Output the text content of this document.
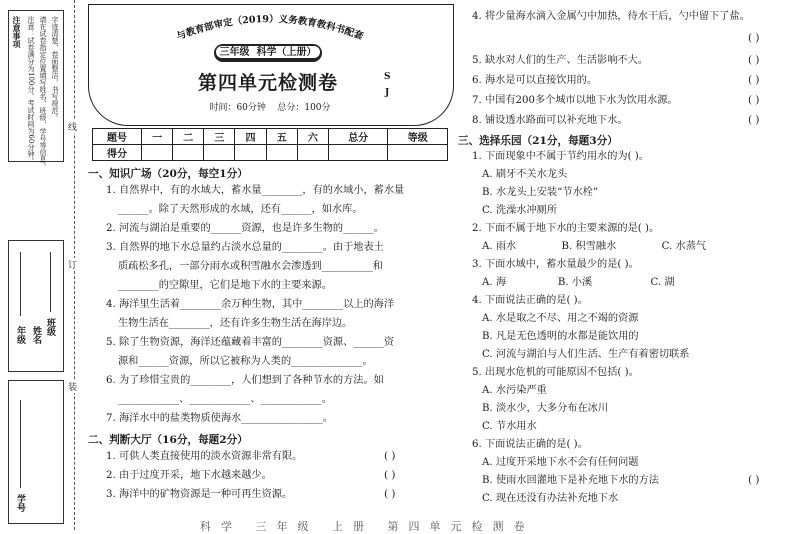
注意事项 注意：试卷满分为100分。考试时间为60分钟。 请在试卷指定位置填写姓名、班级、学号等信息。 字迹清楚，卷面整洁，书写规范。
年级 姓名 班级
学号
线
订
装
与教育部审定（2019）义务教育教科书配套
三年级  科学（上册）
第四单元检测卷	S
J
时间：60分钟    总分：100分
题号	一	二	三	四	五	六	总分	等级
得分								
一、知识广场（20分，每空1分）
1. 自然界中，有的水域大，蓄水量________，有的水域小，蓄水量
______。除了天然形成的水域，还有______，如水库。
2. 河流与湖泊是重要的______资源，也是许多生物的______。
3. 自然界的地下水总量约占淡水总量的________。由于地表土
质疏松多孔，一部分雨水或积雪融水会渗透到__________和
________的空隙里，它们是地下水的主要来源。
4. 海洋里生活着________余万种生物，其中________以上的海洋
生物生活在________，还有许多生物生活在海岸边。
5. 除了生物资源，海洋还蕴藏着丰富的________资源、______资
源和______资源，所以它被称为人类的______________。
6. 为了珍惜宝贵的________，人们想到了各种节水的方法。如
____________、____________、____________。
7. 海洋水中的盐类物质使海水________________。
二、判断大厅（16分，每题2分）
1. 可供人类直接使用的淡水资源非常有限。	( )
2. 由于过度开采，地下水越来越少。	( )
3. 海洋中的矿物资源是一种可再生资源。	( )
4. 将少量海水滴入金属勺中加热，待水干后，勺中留下了盐。
( )
5. 缺水对人们的生产、生活影响不大。	( )
6. 海水是可以直接饮用的。	( )
7. 中国有200多个城市以地下水为饮用水源。	( )
8. 铺设透水路面可以补充地下水。	( )
三、选择乐园（21分，每题3分）
1. 下面现象中不属于节约用水的为( )。
A. 刷牙不关水龙头
B. 水龙头上安装“节水栓”
C. 洗澡水冲厕所
2. 下面不属于地下水的主要来源的是( )。
A. 雨水              B. 积雪融水              C. 水蒸气
3. 下面水域中，蓄水量最少的是( )。
A. 海                B. 小溪                  C. 湖
4. 下面说法正确的是( )。
A. 水是取之不尽、用之不竭的资源
B. 凡是无色透明的水都是能饮用的
C. 河流与湖泊与人们生活、生产有着密切联系
5. 出现水危机的可能原因不包括( )。
A. 水污染严重
B. 淡水少，大多分布在冰川
C. 节水用水
6. 下面说法正确的是( )。
A. 过度开采地下水不会有任何问题
B. 使雨水回灌地下是补充地下水的方法	( )
C. 现在还没有办法补充地下水
科学 三年级 上册 第四单元检测卷
